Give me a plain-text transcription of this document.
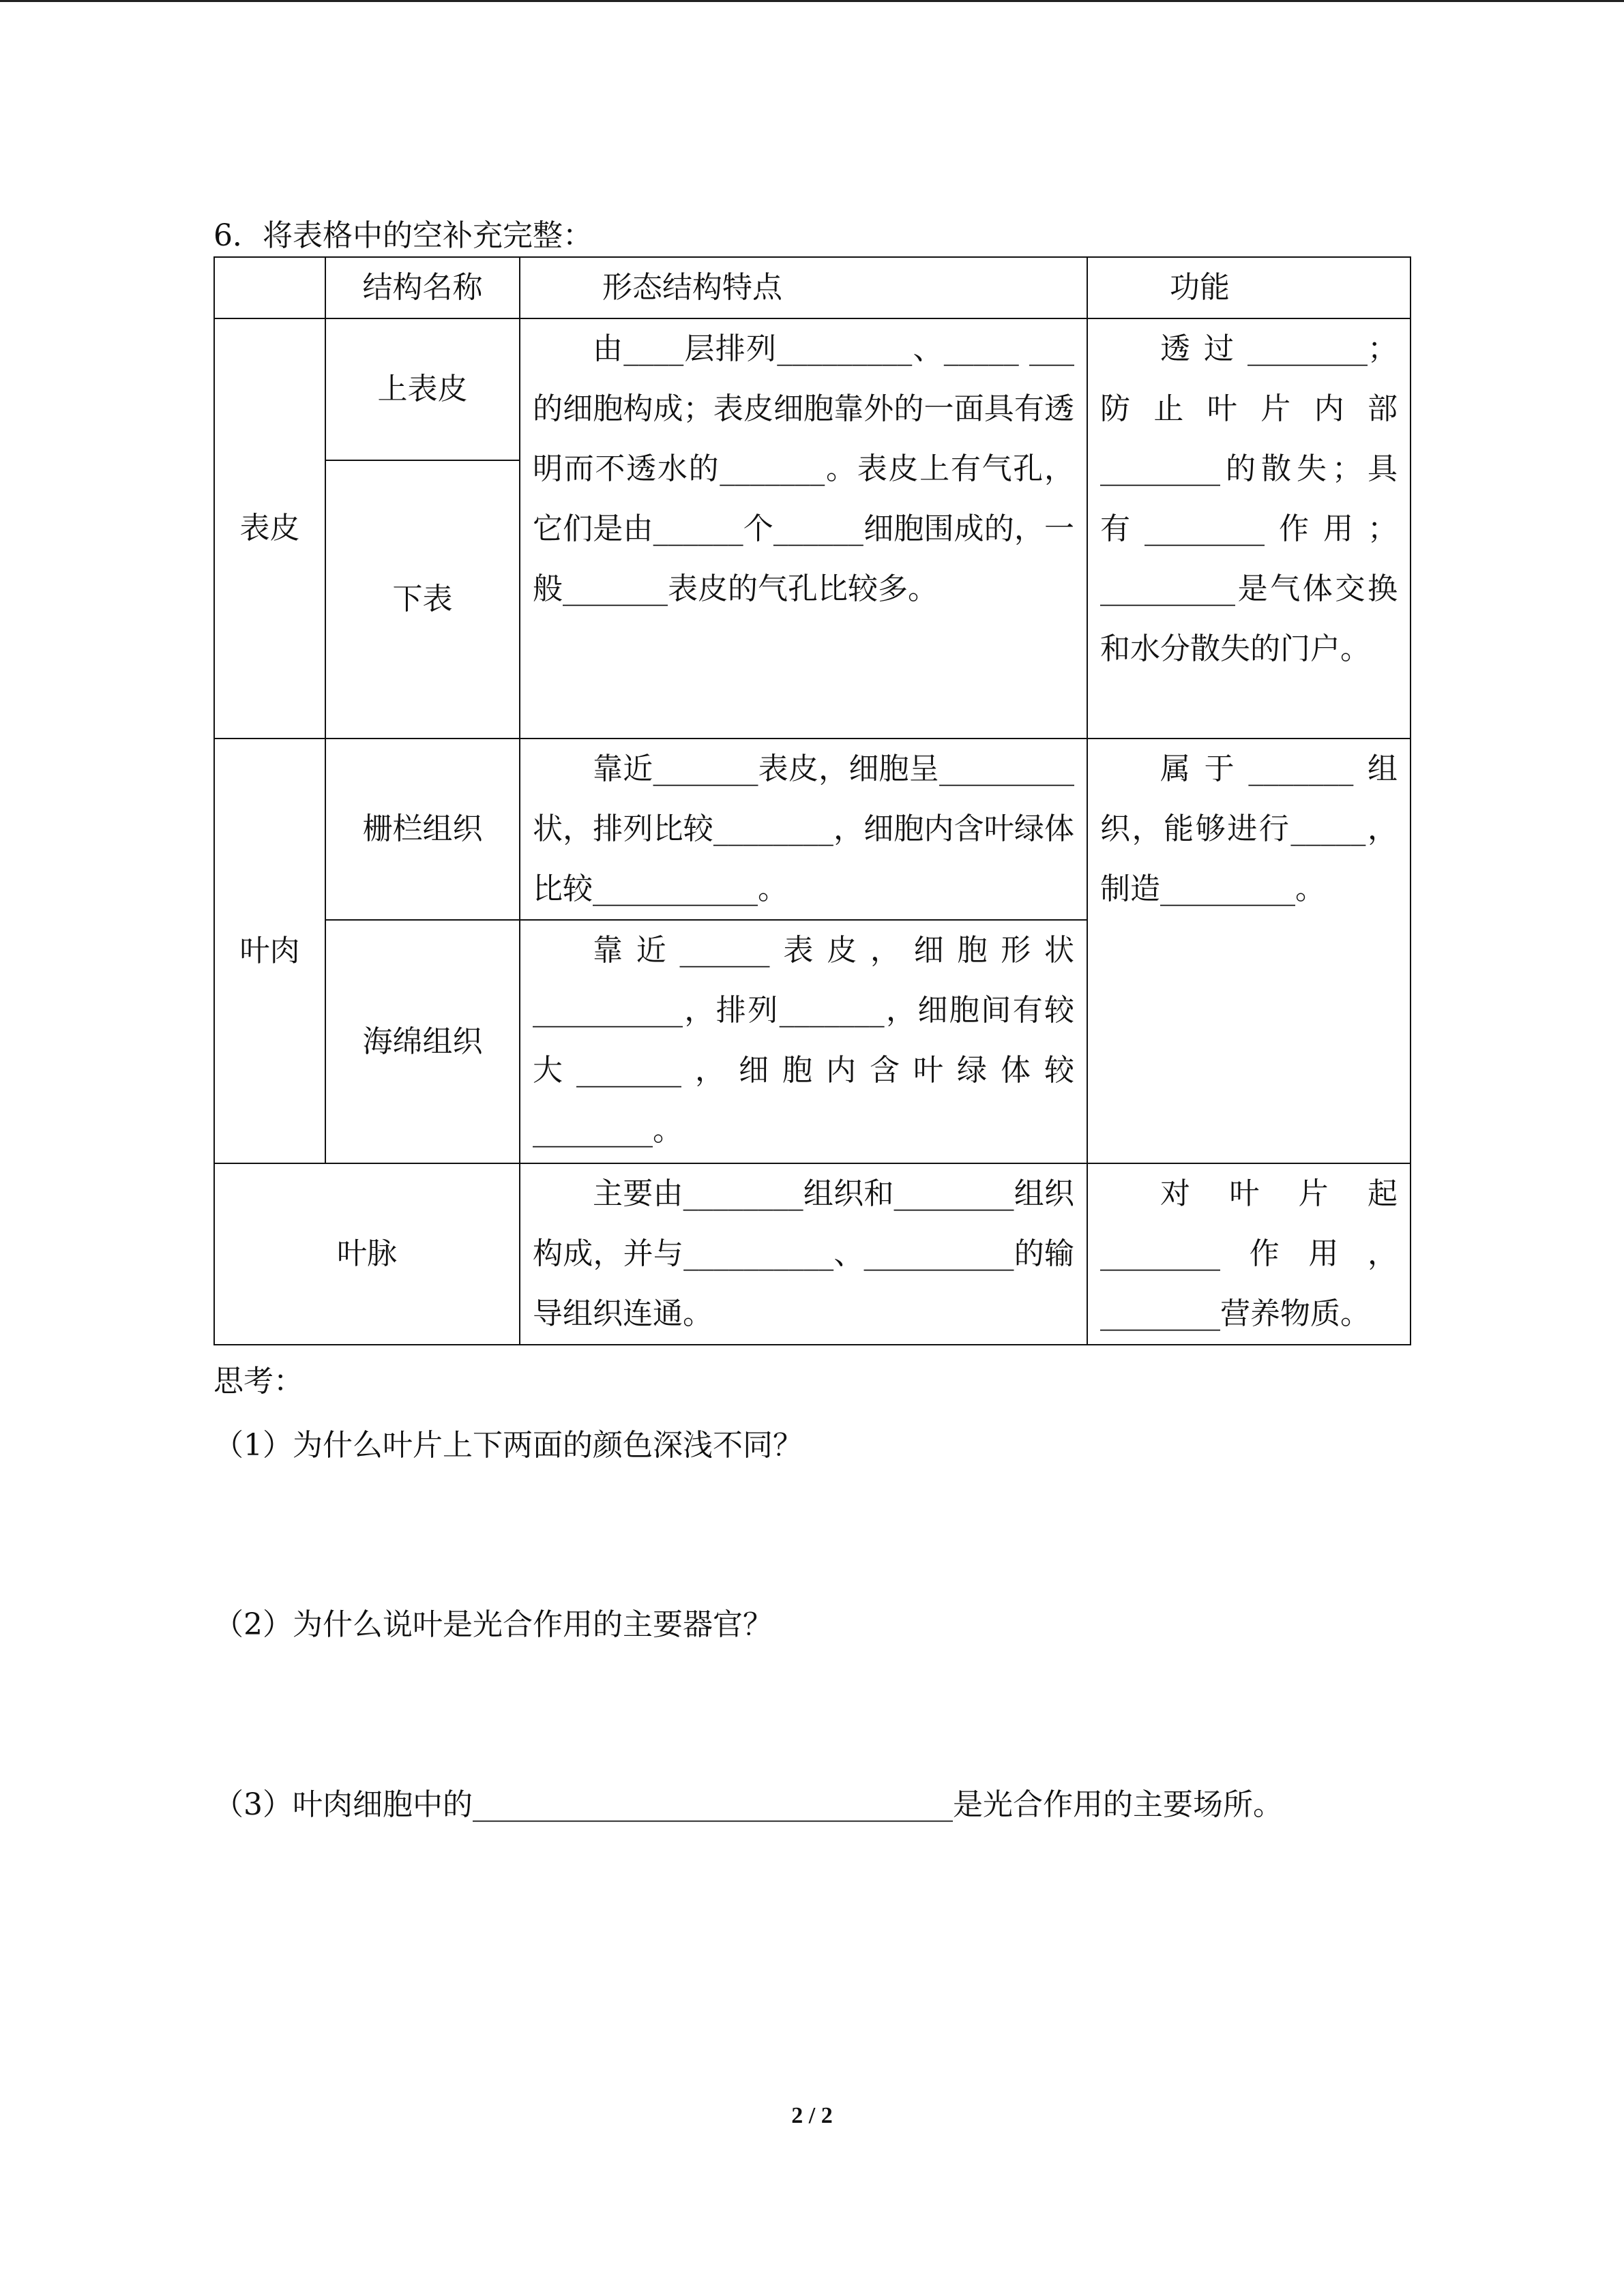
6．将表格中的空补充完整：
	结构名称	形态结构特点	功能
表皮	上表皮	由____层排列_________、_____ ___的细胞构成；表皮细胞靠外的一面具有透明而不透水的_______。表皮上有气孔，它们是由______个______细胞围成的，一般_______表皮的气孔比较多。	透过________；防止叶片内部________的散失；具有________作用；_________是气体交换和水分散失的门户。
	下表		
叶肉	栅栏组织	靠近_______表皮，细胞呈_________状，排列比较________，细胞内含叶绿体比较___________。	属于_______组织，能够进行_____，制造_________。
	海绵组织	靠近______表皮，细胞形状__________，排列_______，细胞间有较大_______，细胞内含叶绿体较________。	
叶脉		主要由________组织和________组织构成，并与__________、__________的输导组织连通。	对叶片起________作用，________营养物质。
思考：
（1）为什么叶片上下两面的颜色深浅不同？
（2）为什么说叶是光合作用的主要器官？
（3）叶肉细胞中的________________________________是光合作用的主要场所。
2 / 2
